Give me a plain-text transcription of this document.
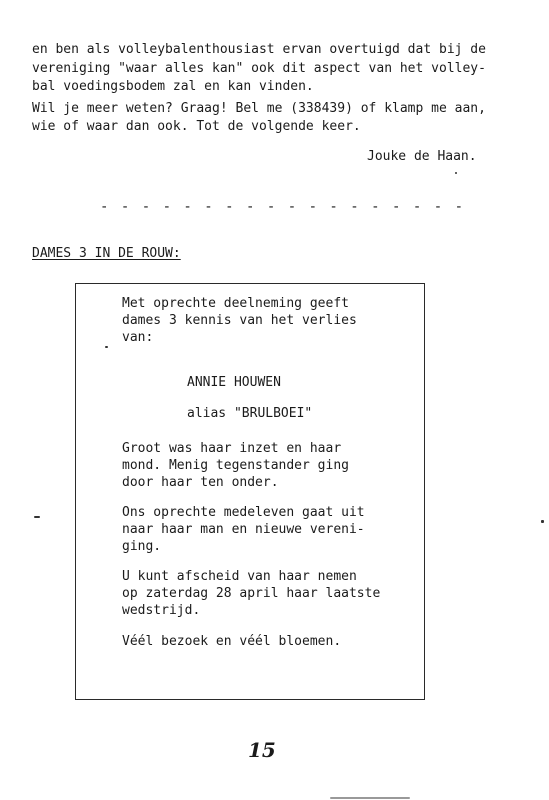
en ben als volleybalenthousiast ervan overtuigd dat bij de
vereniging "waar alles kan" ook dit aspect van het volley-
bal voedingsbodem zal en kan vinden.
Wil je meer weten? Graag! Bel me (338439) of klamp me aan,
wie of waar dan ook. Tot de volgende keer.
Jouke de Haan.
- - - - - - - - - - - - - - - - - -
DAMES 3 IN DE ROUW:
Met oprechte deelneming geeft
dames 3 kennis van het verlies
van:
ANNIE HOUWEN
alias "BRULBOEI"
Groot was haar inzet en haar
mond. Menig tegenstander ging
door haar ten onder.
Ons oprechte medeleven gaat uit
naar haar man en nieuwe vereni-
ging.
U kunt afscheid van haar nemen
op zaterdag 28 april haar laatste
wedstrijd.
Véél bezoek en véél bloemen.
15
